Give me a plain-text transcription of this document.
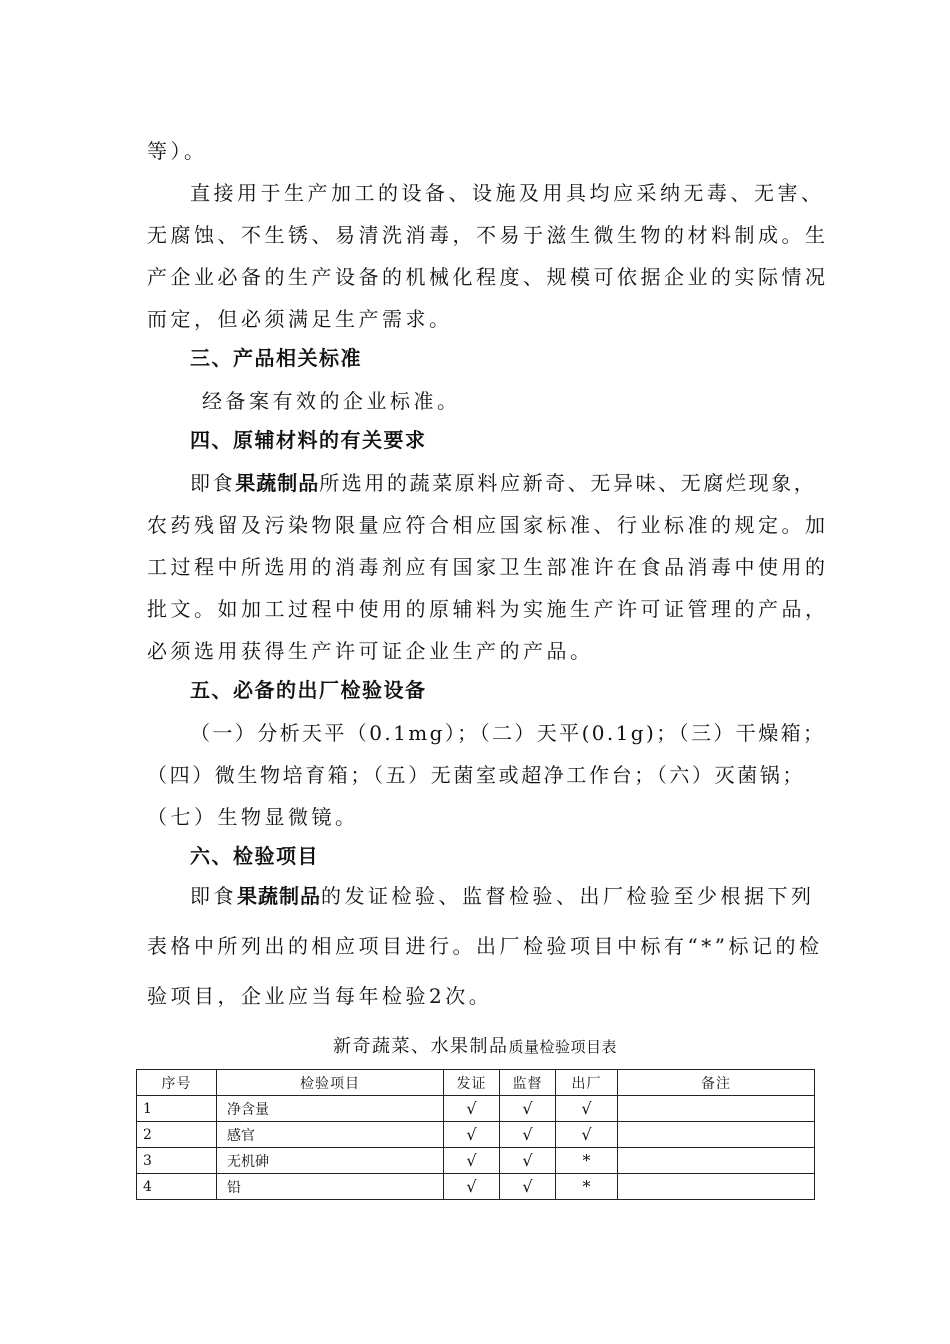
等）。

直接用于生产加工的设备、设施及用具均应采纳无毒、无害、

无腐蚀、不生锈、易清洗消毒，不易于滋生微生物的材料制成。生

产企业必备的生产设备的机械化程度、规模可依据企业的实际情况

而定，但必须满足生产需求。

三、产品相关标准

经备案有效的企业标准。

四、原辅材料的有关要求

即食果蔬制品所选用的蔬菜原料应新奇、无异味、无腐烂现象，

农药残留及污染物限量应符合相应国家标准、行业标准的规定。加

工过程中所选用的消毒剂应有国家卫生部准许在食品消毒中使用的

批文。如加工过程中使用的原辅料为实施生产许可证管理的产品，

必须选用获得生产许可证企业生产的产品。

五、必备的出厂检验设备

（一）分析天平（0.1mg）；（二）天平(0.1g)；（三）干燥箱；

（四）微生物培育箱；（五）无菌室或超净工作台；（六）灭菌锅；

（七）生物显微镜。

六、检验项目

即食果蔬制品的发证检验、监督检验、出厂检验至少根据下列

表格中所列出的相应项目进行。出厂检验项目中标有“*”标记的检

验项目，企业应当每年检验2次。

新奇蔬菜、水果制品质量检验项目表
序号	检验项目	发证	监督	出厂	备注
1	净含量	√	√	√	
2	感官	√	√	√	
3	无机砷	√	√	*	
4	铅	√	√	*	
